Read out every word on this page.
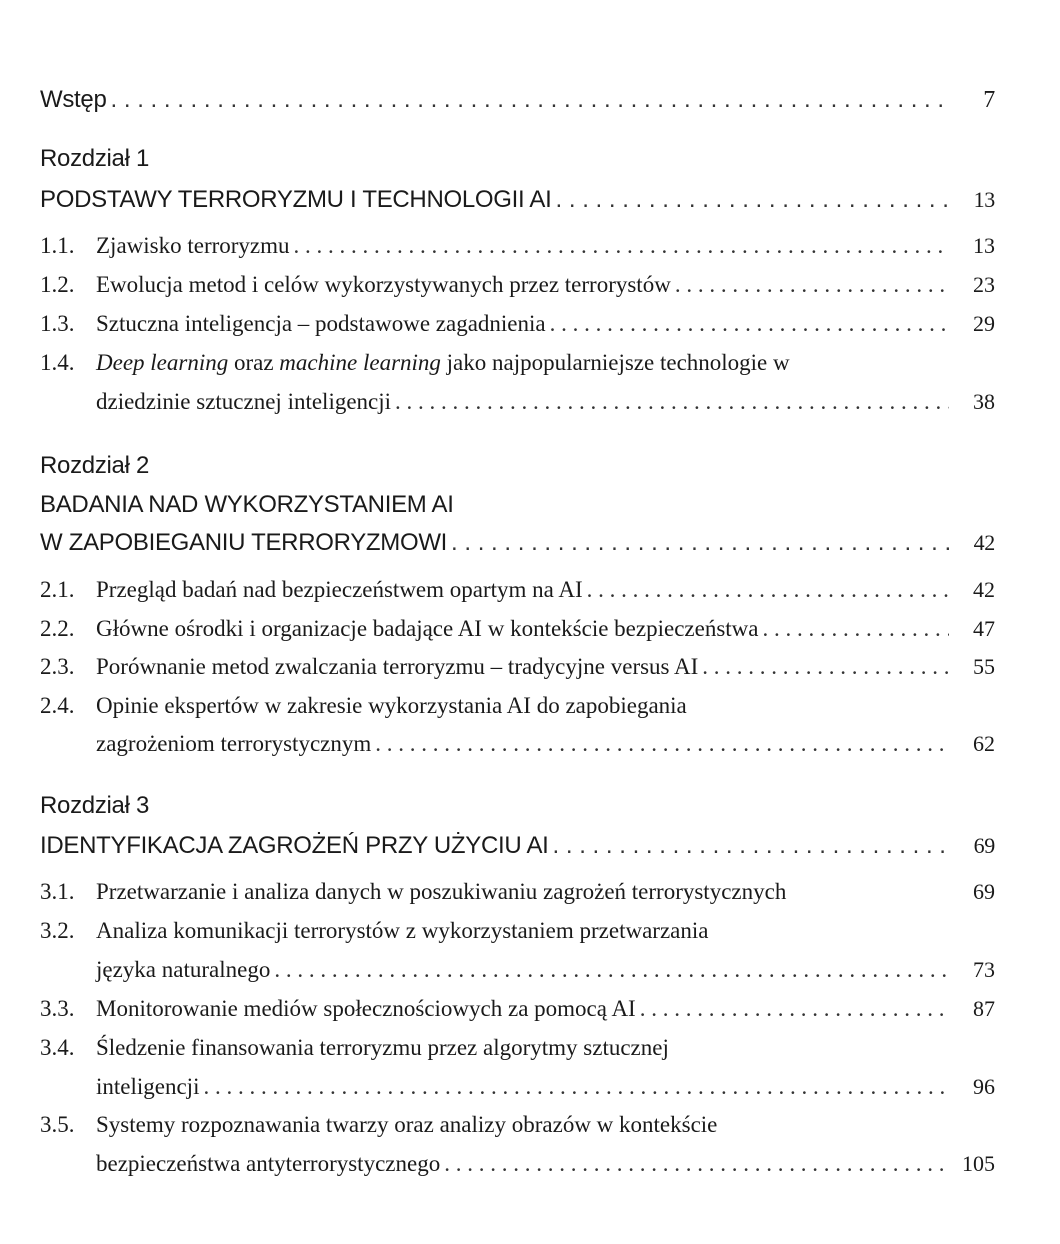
Wstęp . . .	7
Rozdział 1
PODSTAWY TERRORYZMU I TECHNOLOGII AI . . .	13
1.1. Zjawisko terroryzmu . . .	13
1.2. Ewolucja metod i celów wykorzystywanych przez terrorystów . . .	23
1.3. Sztuczna inteligencja – podstawowe zagadnienia . . .	29
1.4. Deep learning oraz machine learning jako najpopularniejsze technologie w
dziedzinie sztucznej inteligencji . . .	38
Rozdział 2
BADANIA NAD WYKORZYSTANIEM AI
W ZAPOBIEGANIU TERRORYZMOWI . . .	42
2.1. Przegląd badań nad bezpieczeństwem opartym na AI . . .	42
2.2. Główne ośrodki i organizacje badające AI w kontekście bezpieczeństwa . . .	47
2.3. Porównanie metod zwalczania terroryzmu – tradycyjne versus AI . . .	55
2.4. Opinie ekspertów w zakresie wykorzystania AI do zapobiegania
zagrożeniom terrorystycznym . . .	62
Rozdział 3
IDENTYFIKACJA ZAGROŻEŃ PRZY UŻYCIU AI . . .	69
3.1. Przetwarzanie i analiza danych w poszukiwaniu zagrożeń terrorystycznych	69
3.2. Analiza komunikacji terrorystów z wykorzystaniem przetwarzania
języka naturalnego . . .	73
3.3. Monitorowanie mediów społecznościowych za pomocą AI . . .	87
3.4. Śledzenie finansowania terroryzmu przez algorytmy sztucznej
inteligencji . . .	96
3.5. Systemy rozpoznawania twarzy oraz analizy obrazów w kontekście
bezpieczeństwa antyterrorystycznego . . .	105
